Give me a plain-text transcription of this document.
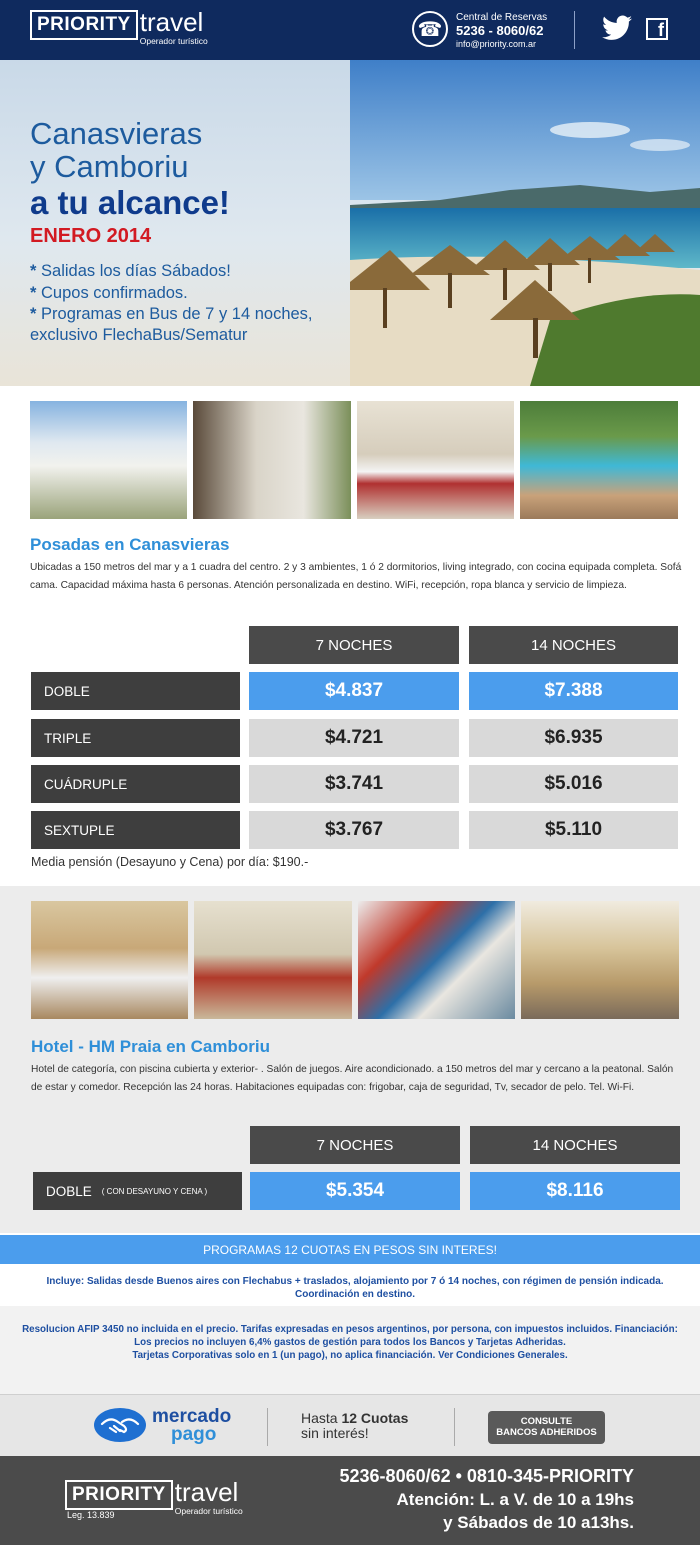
PRIORITY travel
Operador turístico
☎
Central de Reservas
5236 - 8060/62
info@priority.com.ar
f
Canasvieras
y Camboriu
a tu alcance!
ENERO 2014
* Salidas los días Sábados!
* Cupos confirmados.
* Programas en Bus de 7 y 14 noches,
exclusivo FlechaBus/Sematur
Posadas en Canasvieras
Ubicadas a 150 metros del mar y a 1 cuadra del centro. 2 y 3 ambientes, 1 ó 2 dormitorios, living integrado, con cocina equipada completa. Sofá cama. Capacidad máxima hasta 6 personas. Atención personalizada en destino. WiFi, recepción, ropa blanca y servicio de limpieza.
7 NOCHES	14 NOCHES
DOBLE	$4.837	$7.388
TRIPLE	$4.721	$6.935
CUÁDRUPLE	$3.741	$5.016
SEXTUPLE	$3.767	$5.110
Media pensión (Desayuno y Cena) por día: $190.-
Hotel - HM Praia en Camboriu
Hotel de categoría, con piscina cubierta y exterior- . Salón de juegos. Aire acondicionado. a 150 metros del mar y cercano a la peatonal. Salón de estar y comedor. Recepción las 24 horas. Habitaciones equipadas con: frigobar, caja de seguridad, Tv, secador de pelo. Tel. Wi-Fi.
7 NOCHES	14 NOCHES
DOBLE ( CON DESAYUNO Y CENA )	$5.354	$8.116
PROGRAMAS 12 CUOTAS EN PESOS SIN INTERES!
Incluye: Salidas desde Buenos aires con Flechabus + traslados, alojamiento por 7 ó 14 noches, con régimen de pensión indicada.
Coordinación en destino.
Resolucion AFIP 3450 no incluida en el precio. Tarifas expresadas en pesos argentinos, por persona, con impuestos incluidos. Financiación:
Los precios no incluyen 6,4% gastos de gestión para todos los Bancos y Tarjetas Adheridas.
Tarjetas Corporativas solo en 1 (un pago), no aplica financiación. Ver Condiciones Generales.
mercado
pago
Hasta 12 Cuotas
sin interés!
CONSULTE
BANCOS ADHERIDOS
PRIORITY travel
Operador turístico
Leg. 13.839
5236-8060/62 • 0810-345-PRIORITY
Atención: L. a V. de 10 a 19hs
y Sábados de 10 a13hs.
